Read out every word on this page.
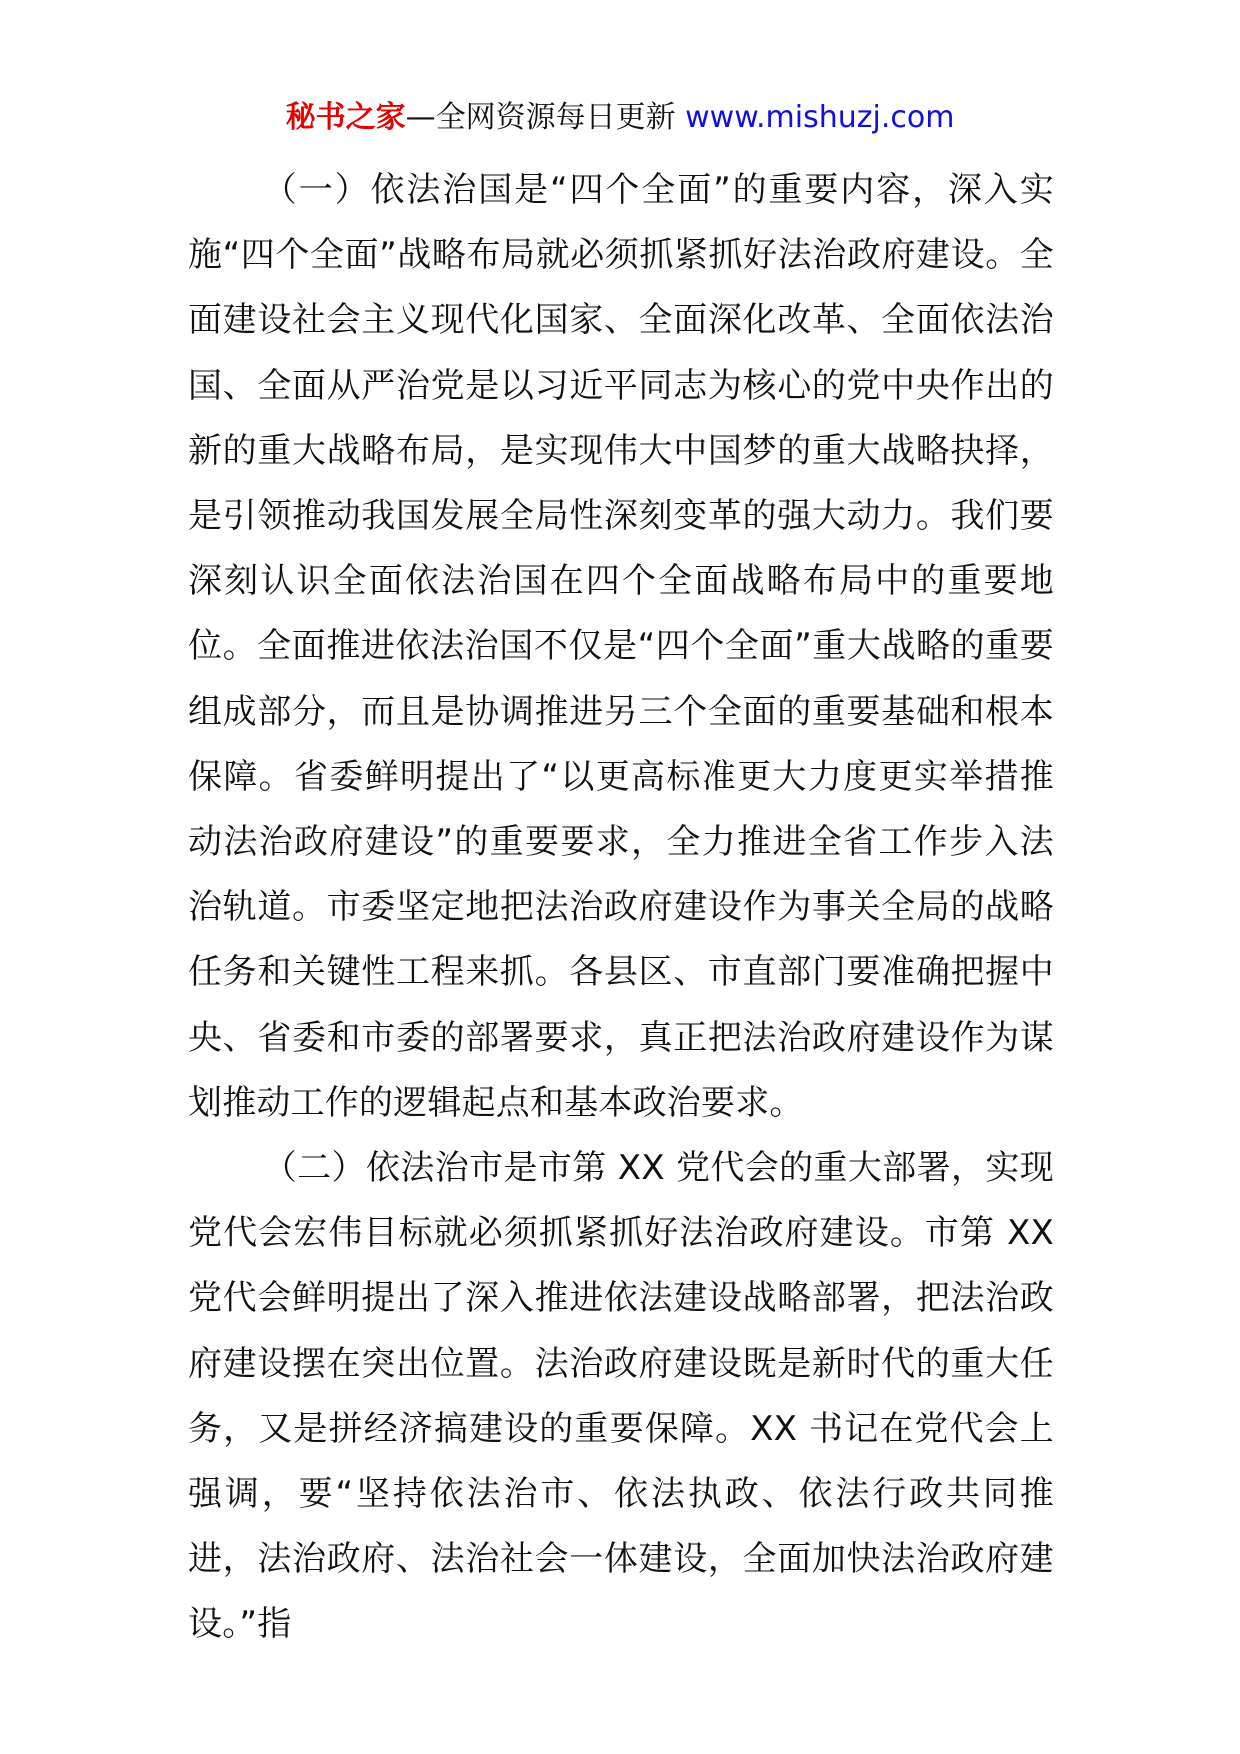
秘书之家—全网资源每日更新 www.mishuzj.com

（一）依法治国是“四个全面”的重要内容，深入实施“四个全面”战略布局就必须抓紧抓好法治政府建设。全面建设社会主义现代化国家、全面深化改革、全面依法治国、全面从严治党是以习近平同志为核心的党中央作出的新的重大战略布局，是实现伟大中国梦的重大战略抉择，是引领推动我国发展全局性深刻变革的强大动力。我们要深刻认识全面依法治国在四个全面战略布局中的重要地位。全面推进依法治国不仅是“四个全面”重大战略的重要组成部分，而且是协调推进另三个全面的重要基础和根本保障。省委鲜明提出了“以更高标准更大力度更实举措推动法治政府建设”的重要要求，全力推进全省工作步入法治轨道。市委坚定地把法治政府建设作为事关全局的战略任务和关键性工程来抓。各县区、市直部门要准确把握中央、省委和市委的部署要求，真正把法治政府建设作为谋划推动工作的逻辑起点和基本政治要求。

（二）依法治市是市第 XX 党代会的重大部署，实现党代会宏伟目标就必须抓紧抓好法治政府建设。市第 XX 党代会鲜明提出了深入推进依法建设战略部署，把法治政府建设摆在突出位置。法治政府建设既是新时代的重大任务，又是拼经济搞建设的重要保障。XX 书记在党代会上强调，要“坚持依法治市、依法执政、依法行政共同推进，法治政府、法治社会一体建设，全面加快法治政府建设。”指
